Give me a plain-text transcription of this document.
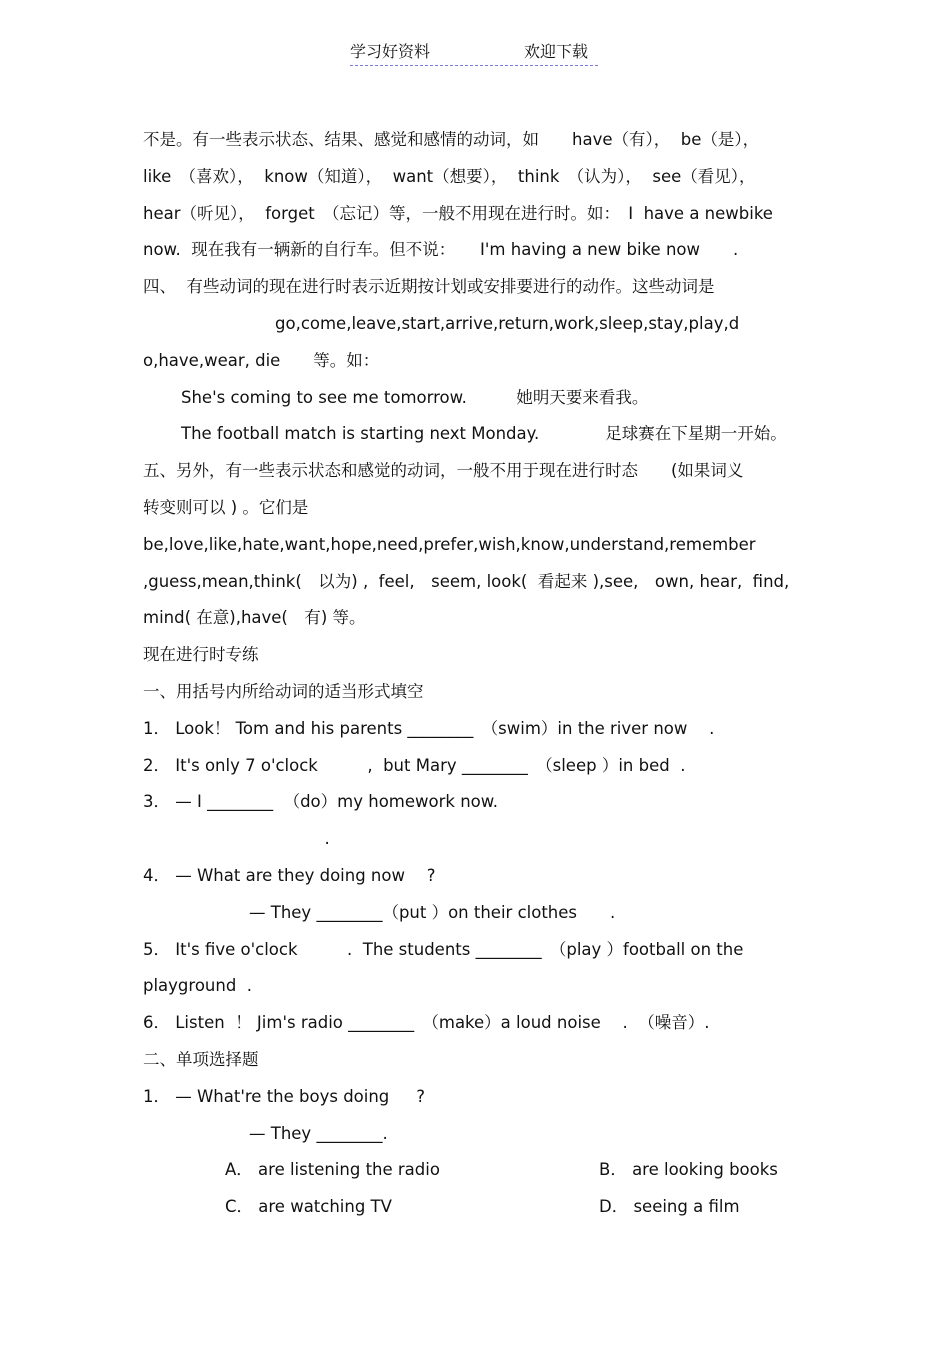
学习好资料	欢迎下载

不是。有一些表示状态、结果、感觉和感情的动词，如　　have（有），  be（是），
like　（喜欢），  know（知道），  want（想要），  think　（认为），  see（看见），
hear（听见），  forget　（忘记）等，一般不用现在进行时。如：　I  have a newbike
now.  现在我有一辆新的自行车。但不说：　　I'm having a new bike now　　.
四、  有些动词的现在进行时表示近期按计划或安排要进行的动作。这些动词是
　　　　　　　　go,come,leave,start,arrive,return,work,sleep,stay,play,d
o,have,wear, die　　等。如：
She's coming to see me tomorrow.　　　她明天要来看我。
The football match is starting next Monday.　　　　足球赛在下星期一开始。
五、另外，有一些表示状态和感觉的动词，一般不用于现在进行时态　　(如果词义
转变则可以 ) 。它们是
be,love,like,hate,want,hope,need,prefer,wish,know,understand,remember
,guess,mean,think(　以为) ,  feel,　seem, look(  看起来 ),see,　own, hear,  find,
mind( 在意),have(　有) 等。
现在进行时专练
一、用括号内所给动词的适当形式填空
1． Look！ Tom and his parents ________　（swim）in the river now　 .
2． It's only 7 o'clock　　　,  but Mary ________　（sleep ）in bed  .
3． — I ________  （do）my homework now.
　　　　　　　　　　　.
4． — What are they doing now　 ?
— They ________（put ）on their clothes　　.
5． It's five o'clock　　　.  The students ________　（play ）football on the
playground  .
6． Listen  ！ Jim's radio ________　（make）a loud noise　 .  （噪音）.
二、单项选择题
1． — What're the boys doing　  ?
— They ________.

A． are listening the radio

	B． are looking books

C． are watching TV

	D． seeing a film
